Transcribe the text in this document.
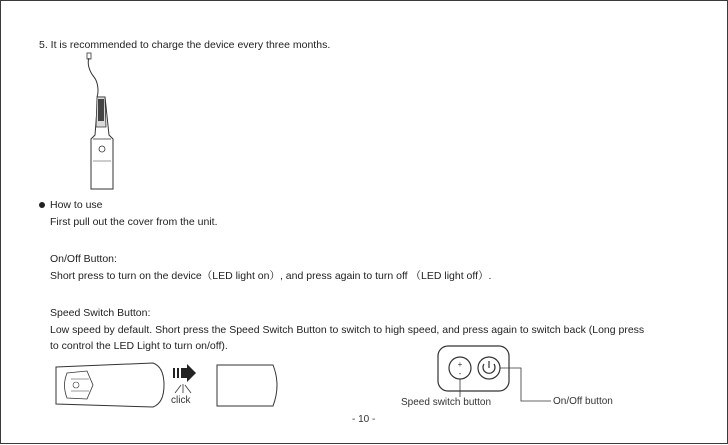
5. It is recommended to charge the device every three months.
How to use
First pull out the cover from the unit.
On/Off Button:
Short press to turn on the device（LED light on）, and press again to turn off （LED light off）.
Speed Switch Button:
Low speed by default. Short press the Speed Switch Button to switch to high speed, and press again to switch back (Long press
to control the LED Light to turn on/off).
click
+
-
Speed switch button	On/Off button
- 10 -
